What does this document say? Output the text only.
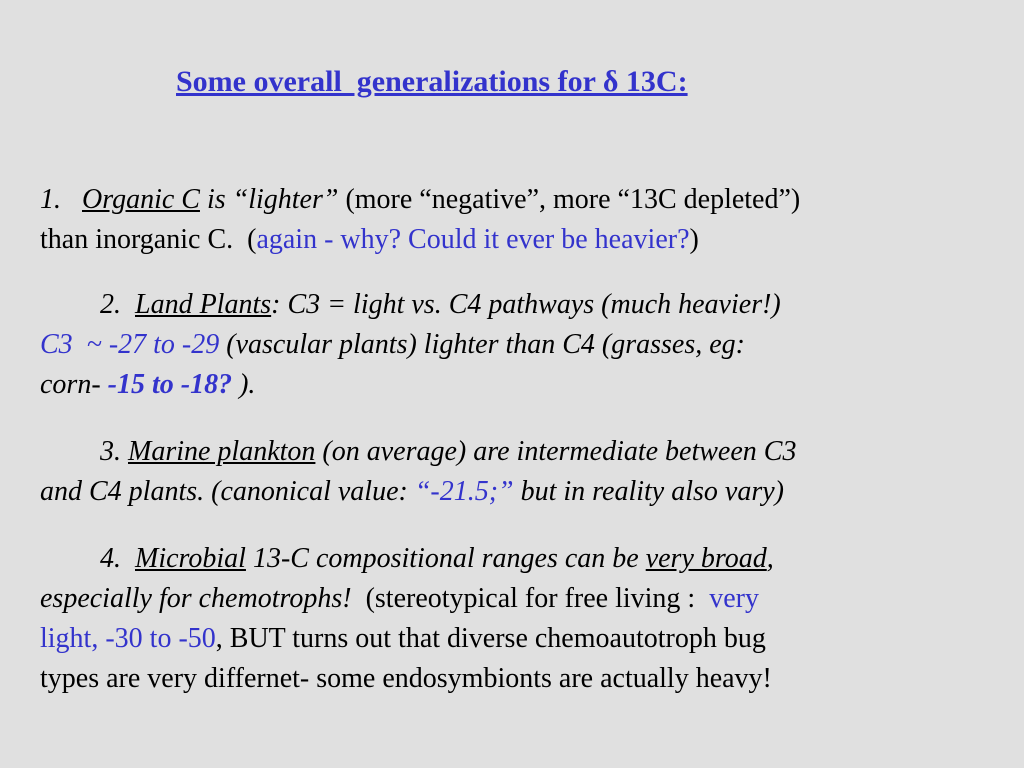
Some overall  generalizations for δ 13C:

1. Organic C is “lighter” (more “negative”, more “13C depleted”)
than inorganic C.  (again - why? Could it ever be heavier?)

2.  Land Plants: C3 = light vs. C4 pathways (much heavier!)
C3  ~ -27 to -29 (vascular plants) lighter than C4 (grasses, eg:
corn- -15 to -18? ).

3. Marine plankton (on average) are intermediate between C3
and C4 plants. (canonical value: “-21.5;” but in reality also vary)

4.  Microbial 13-C compositional ranges can be very broad,
especially for chemotrophs!  (stereotypical for free living :  very
light, -30 to -50, BUT turns out that diverse chemoautotroph bug
types are very differnet- some endosymbionts are actually heavy!
